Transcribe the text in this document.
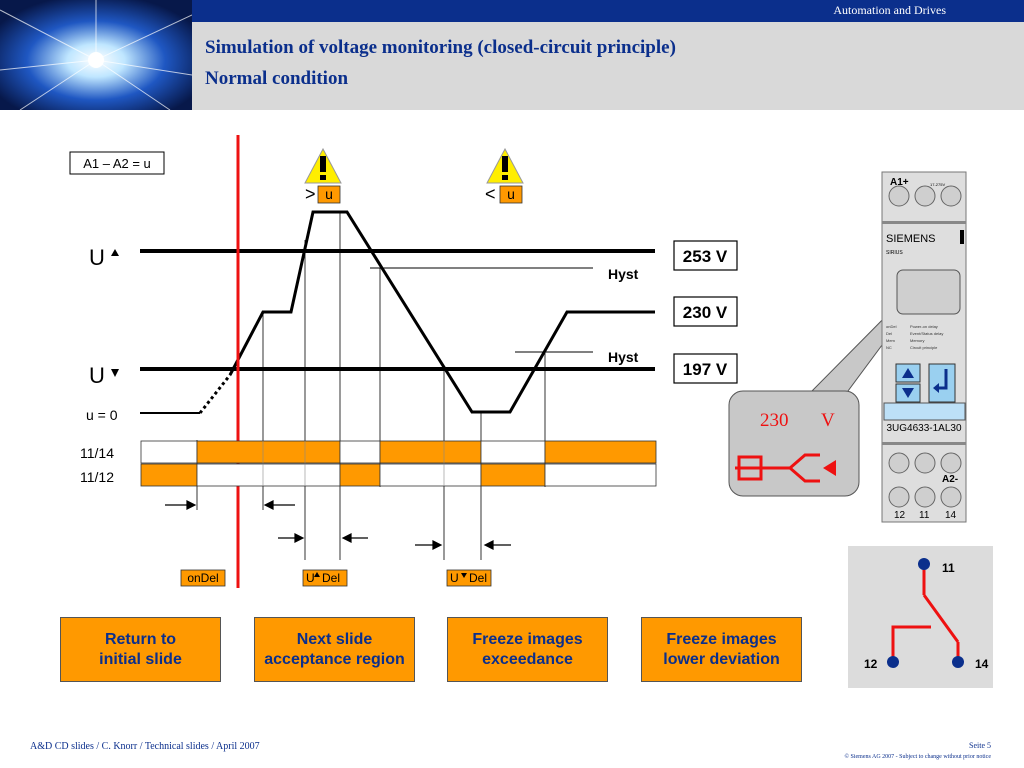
Automation and Drives
Simulation of voltage monitoring (closed-circuit principle)
Normal condition
A1 – A2 = u
> u	< u
Hyst
Hyst
U
U
u = 0
11/14
11/12
onDel	U Del	U Del
253 V
230 V
197 V
230 V
A1+	17-275V
SIEMENS
SIRIUS
onDel	Power-on delay
Del	Event/Status delay
Mem	Memory
NC	Circuit principle
3UG4633-1AL30
A2-
12 11 14
11
12	14
Return to
initial slide
Next slide
acceptance region
Freeze images
exceedance
Freeze images
lower deviation
A&D CD slides / C. Knorr / Technical slides / April 2007	Seite 5
© Siemens AG 2007 - Subject to change without prior notice
